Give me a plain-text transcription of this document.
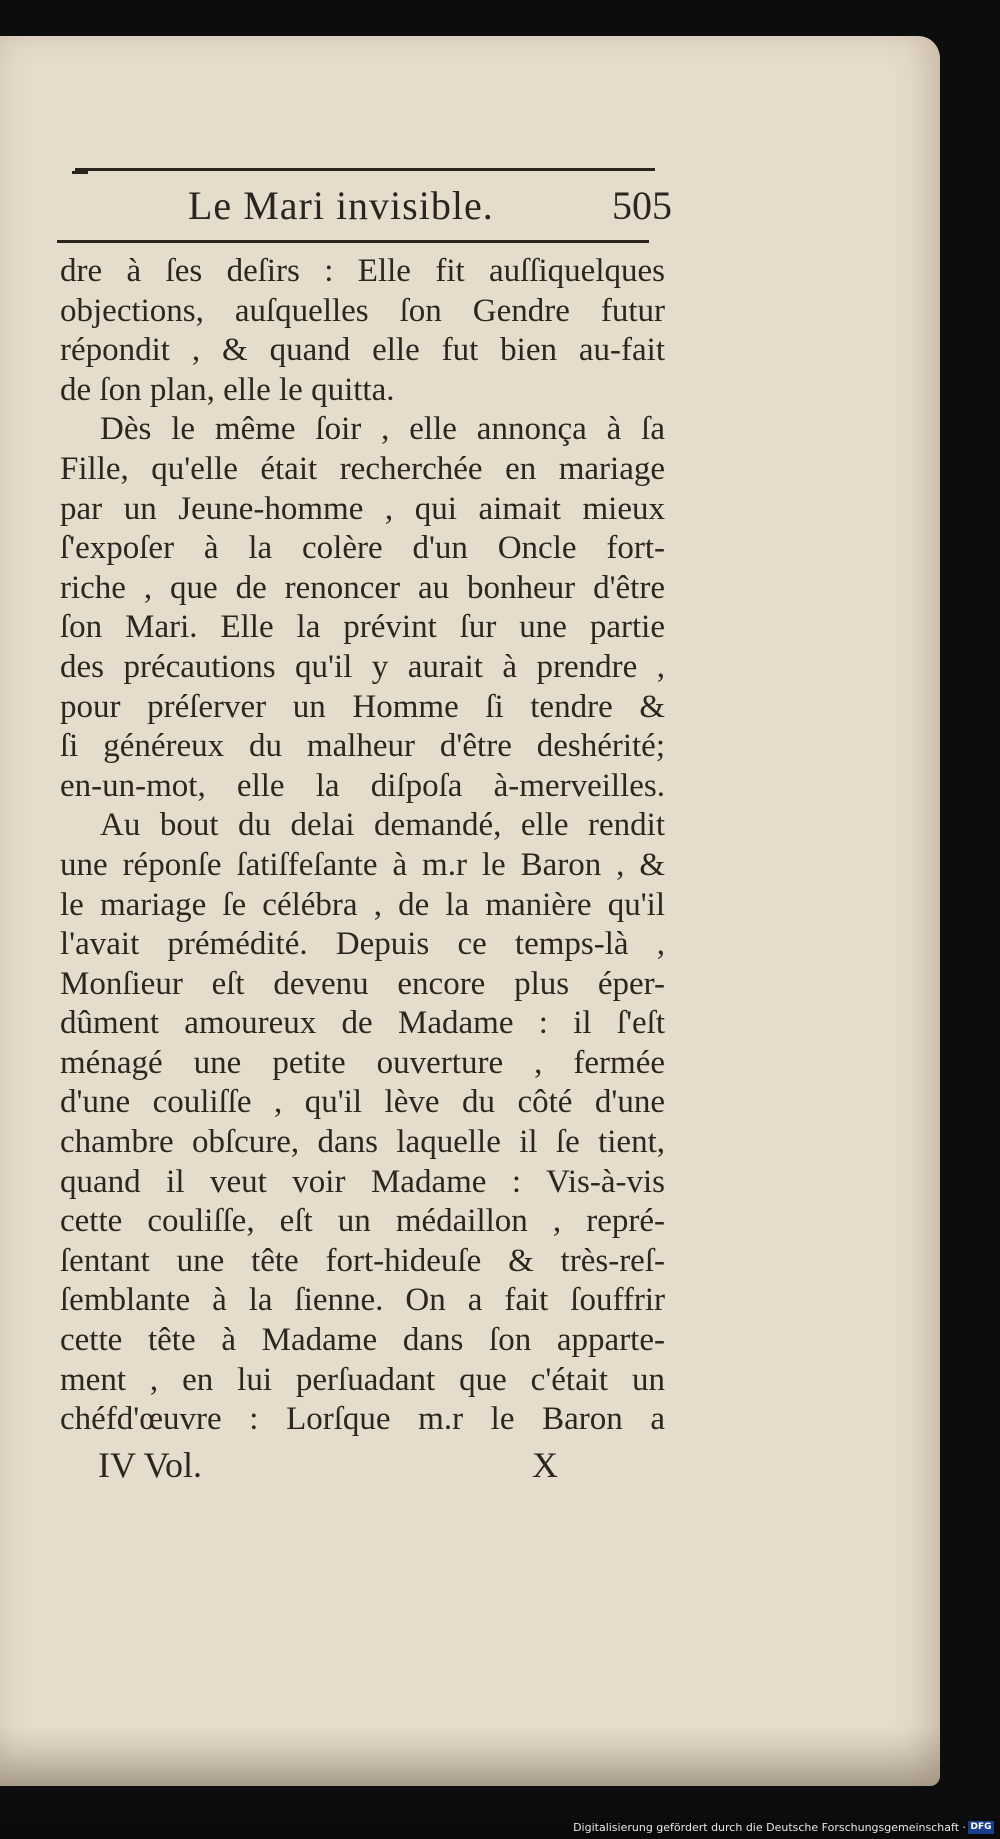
Le Mari invisible.	505
dre à ſes deſirs : Elle fit auſſiquelques
objections, auſquelles ſon Gendre futur
répondit , & quand elle fut bien au-fait
de ſon plan, elle le quitta.
Dès le même ſoir , elle annonça à ſa
Fille, qu'elle était recherchée en mariage
par un Jeune-homme , qui aimait mieux
ſ'expoſer à la colère d'un Oncle fort-
riche , que de renoncer au bonheur d'être
ſon Mari. Elle la prévint ſur une partie
des précautions qu'il y aurait à prendre ,
pour préſerver un Homme ſi tendre &
ſi généreux du malheur d'être deshérité;
en-un-mot, elle la diſpoſa à-merveilles.
Au bout du delai demandé, elle rendit
une réponſe ſatiſfeſante à m.r le Baron , &
le mariage ſe célébra , de la manière qu'il
l'avait prémédité. Depuis ce temps-là ,
Monſieur eſt devenu encore plus éper-
dûment amoureux de Madame : il ſ'eſt
ménagé une petite ouverture , fermée
d'une couliſſe , qu'il lève du côté d'une
chambre obſcure, dans laquelle il ſe tient,
quand il veut voir Madame : Vis-à-vis
cette couliſſe, eſt un médaillon , repré-
ſentant une tête fort-hideuſe & très-reſ-
ſemblante à la ſienne. On a fait ſouffrir
cette tête à Madame dans ſon apparte-
ment , en lui perſuadant que c'était un
chéfd'œuvre : Lorſque m.r le Baron a
IV Vol.	X
Digitalisierung gefördert durch die Deutsche Forschungsgemeinschaft · DFG
